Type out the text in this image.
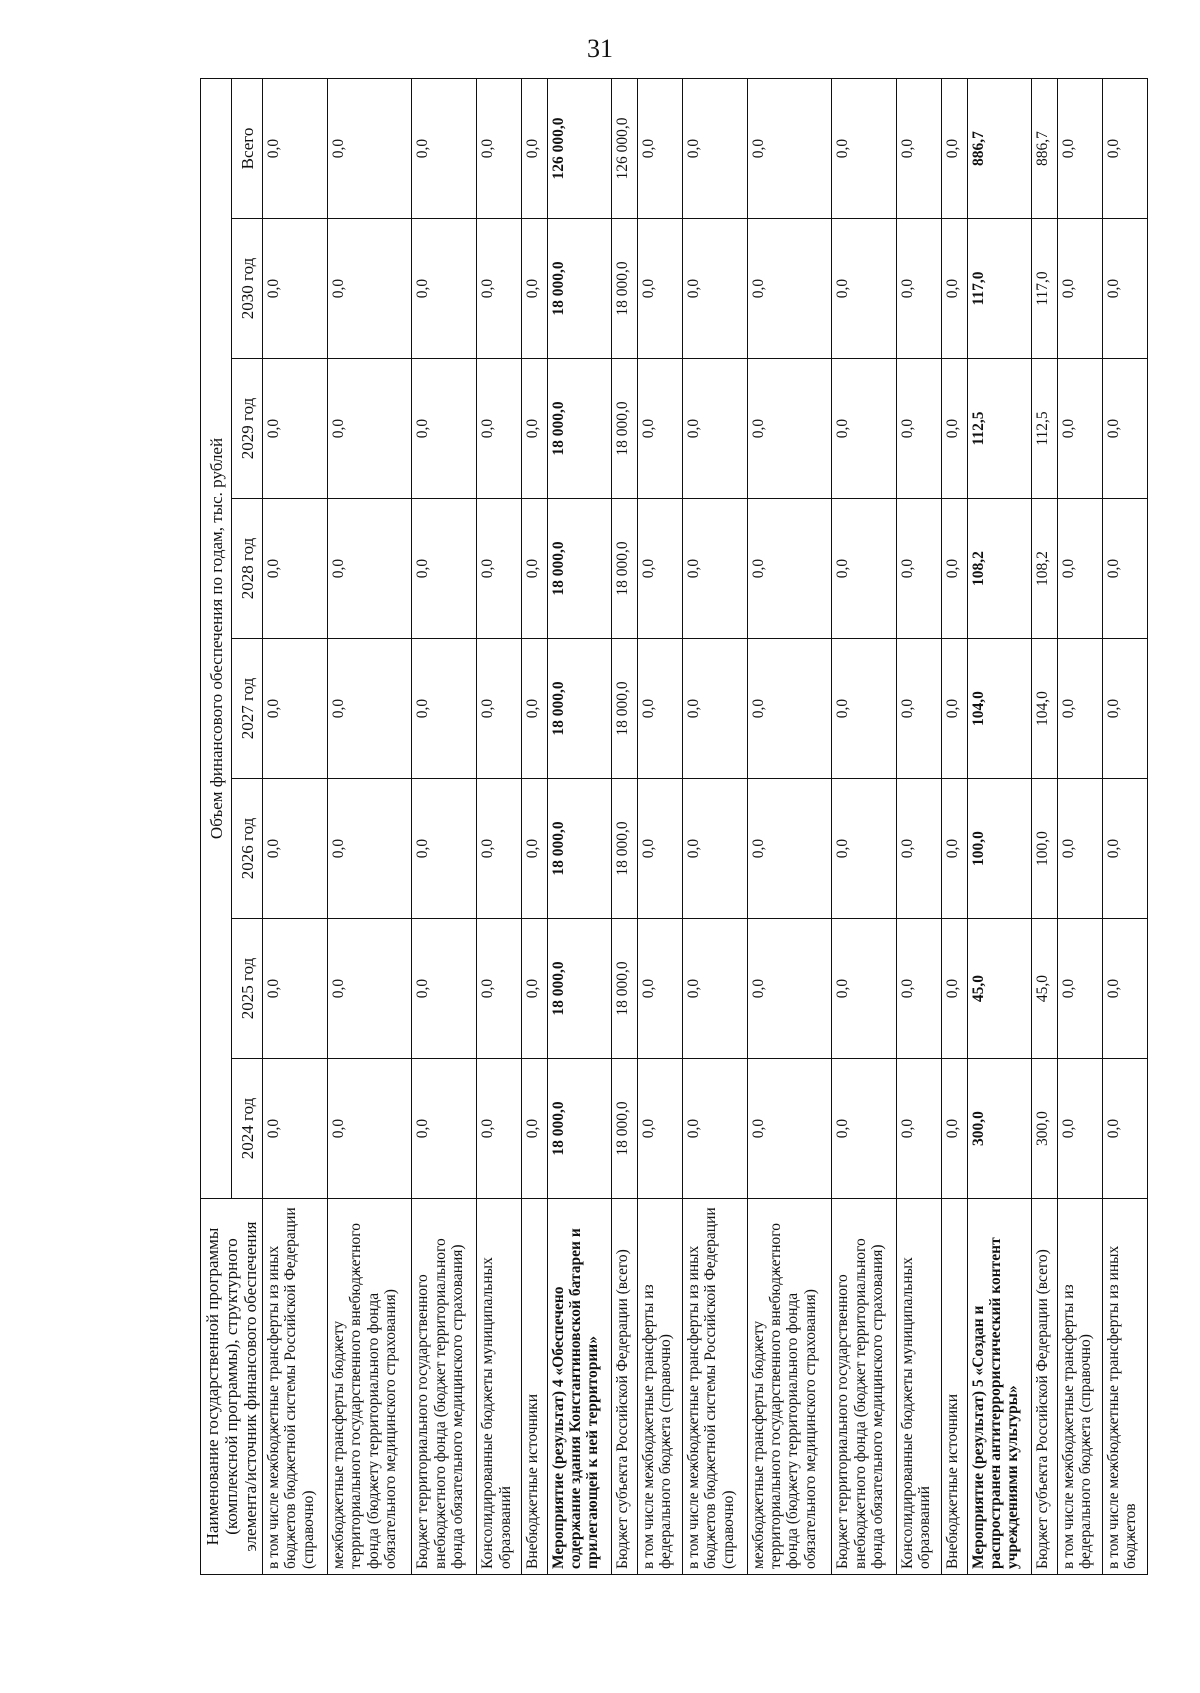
31
Наименование государственной программы (комплексной программы), структурного элемента/источник финансового обеспечения	Объем финансового обеспечения по годам, тыс. рублей							
	2024 год	2025 год	2026 год	2027 год	2028 год	2029 год	2030 год	Всего
в том числе межбюджетные трансферты из иных бюджетов бюджетной системы Российской Федерации (справочно)	0,0	0,0	0,0	0,0	0,0	0,0	0,0	0,0
межбюджетные трансферты бюджету территориального государственного внебюджетного фонда (бюджету территориального фонда обязательного медицинского страхования)	0,0	0,0	0,0	0,0	0,0	0,0	0,0	0,0
Бюджет территориального государственного внебюджетного фонда (бюджет территориального фонда обязательного медицинского страхования)	0,0	0,0	0,0	0,0	0,0	0,0	0,0	0,0
Консолидированные бюджеты муниципальных образований	0,0	0,0	0,0	0,0	0,0	0,0	0,0	0,0
Внебюджетные источники	0,0	0,0	0,0	0,0	0,0	0,0	0,0	0,0
Мероприятие (результат) 4 «Обеспечено содержание здания Константиновской батареи и прилегающей к ней территории»	18 000,0	18 000,0	18 000,0	18 000,0	18 000,0	18 000,0	18 000,0	126 000,0
Бюджет субъекта Российской Федерации (всего)	18 000,0	18 000,0	18 000,0	18 000,0	18 000,0	18 000,0	18 000,0	126 000,0
в том числе межбюджетные трансферты из федерального бюджета (справочно)	0,0	0,0	0,0	0,0	0,0	0,0	0,0	0,0
в том числе межбюджетные трансферты из иных бюджетов бюджетной системы Российской Федерации (справочно)	0,0	0,0	0,0	0,0	0,0	0,0	0,0	0,0
межбюджетные трансферты бюджету территориального государственного внебюджетного фонда (бюджету территориального фонда обязательного медицинского страхования)	0,0	0,0	0,0	0,0	0,0	0,0	0,0	0,0
Бюджет территориального государственного внебюджетного фонда (бюджет территориального фонда обязательного медицинского страхования)	0,0	0,0	0,0	0,0	0,0	0,0	0,0	0,0
Консолидированные бюджеты муниципальных образований	0,0	0,0	0,0	0,0	0,0	0,0	0,0	0,0
Внебюджетные источники	0,0	0,0	0,0	0,0	0,0	0,0	0,0	0,0
Мероприятие (результат) 5 «Создан и распространен антитеррористический контент учреждениями культуры»	300,0	45,0	100,0	104,0	108,2	112,5	117,0	886,7
Бюджет субъекта Российской Федерации (всего)	300,0	45,0	100,0	104,0	108,2	112,5	117,0	886,7
в том числе межбюджетные трансферты из федерального бюджета (справочно)	0,0	0,0	0,0	0,0	0,0	0,0	0,0	0,0
в том числе межбюджетные трансферты из иных бюджетов	0,0	0,0	0,0	0,0	0,0	0,0	0,0	0,0
